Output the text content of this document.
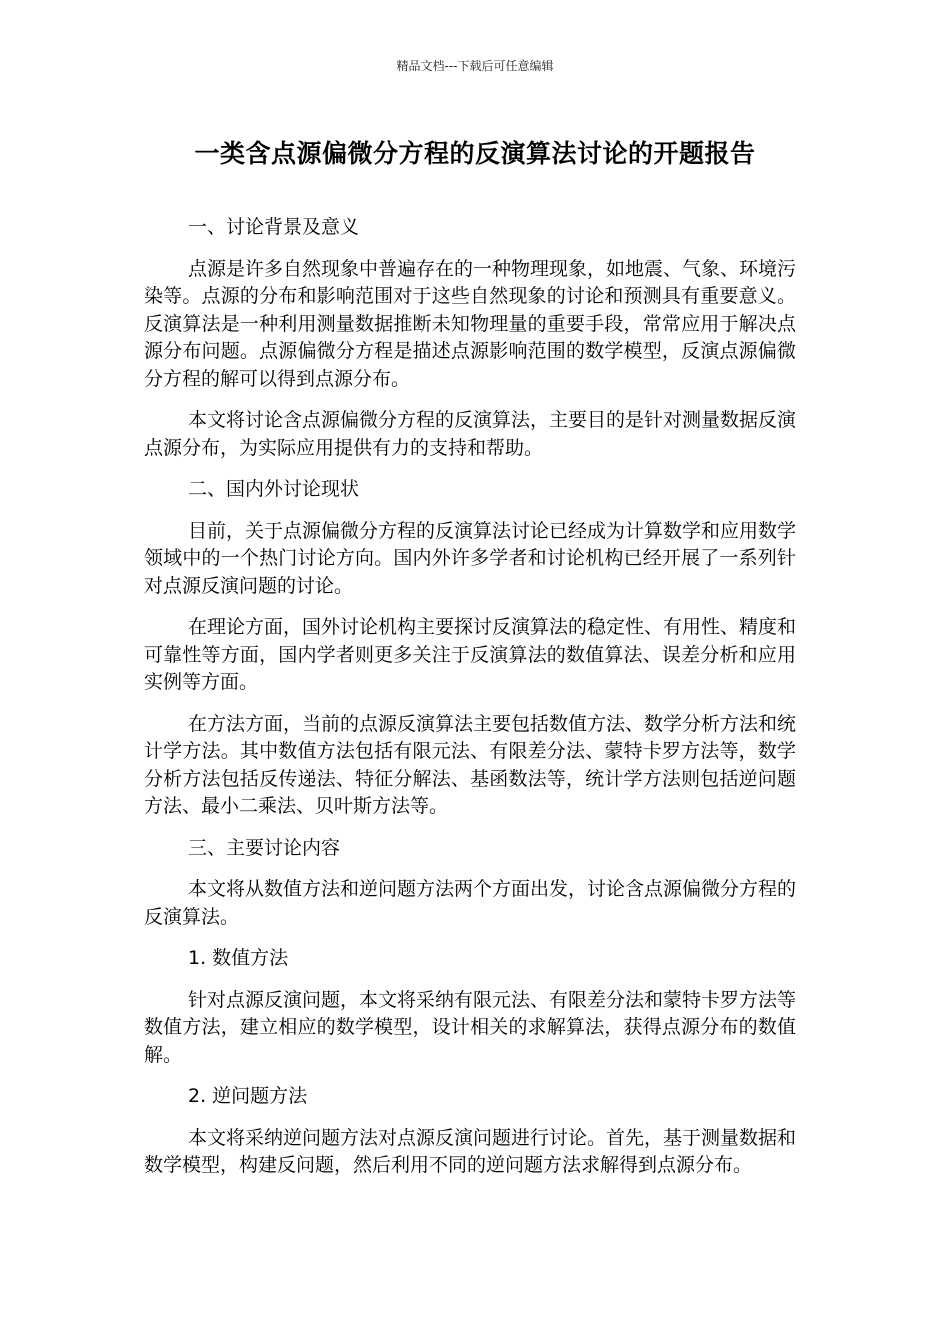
精品文档---下载后可任意编辑
一类含点源偏微分方程的反演算法讨论的开题报告

一、讨论背景及意义

点源是许多自然现象中普遍存在的一种物理现象，如地震、气象、环境污染等。点源的分布和影响范围对于这些自然现象的讨论和预测具有重要意义。反演算法是一种利用测量数据推断未知物理量的重要手段，常常应用于解决点源分布问题。点源偏微分方程是描述点源影响范围的数学模型，反演点源偏微分方程的解可以得到点源分布。

本文将讨论含点源偏微分方程的反演算法，主要目的是针对测量数据反演点源分布，为实际应用提供有力的支持和帮助。

二、国内外讨论现状

目前，关于点源偏微分方程的反演算法讨论已经成为计算数学和应用数学领域中的一个热门讨论方向。国内外许多学者和讨论机构已经开展了一系列针对点源反演问题的讨论。

在理论方面，国外讨论机构主要探讨反演算法的稳定性、有用性、精度和可靠性等方面，国内学者则更多关注于反演算法的数值算法、误差分析和应用实例等方面。

在方法方面，当前的点源反演算法主要包括数值方法、数学分析方法和统计学方法。其中数值方法包括有限元法、有限差分法、蒙特卡罗方法等，数学分析方法包括反传递法、特征分解法、基函数法等，统计学方法则包括逆问题方法、最小二乘法、贝叶斯方法等。

三、主要讨论内容

本文将从数值方法和逆问题方法两个方面出发，讨论含点源偏微分方程的反演算法。

1. 数值方法

针对点源反演问题，本文将采纳有限元法、有限差分法和蒙特卡罗方法等数值方法，建立相应的数学模型，设计相关的求解算法，获得点源分布的数值解。

2. 逆问题方法

本文将采纳逆问题方法对点源反演问题进行讨论。首先，基于测量数据和数学模型，构建反问题，然后利用不同的逆问题方法求解得到点源分布。
